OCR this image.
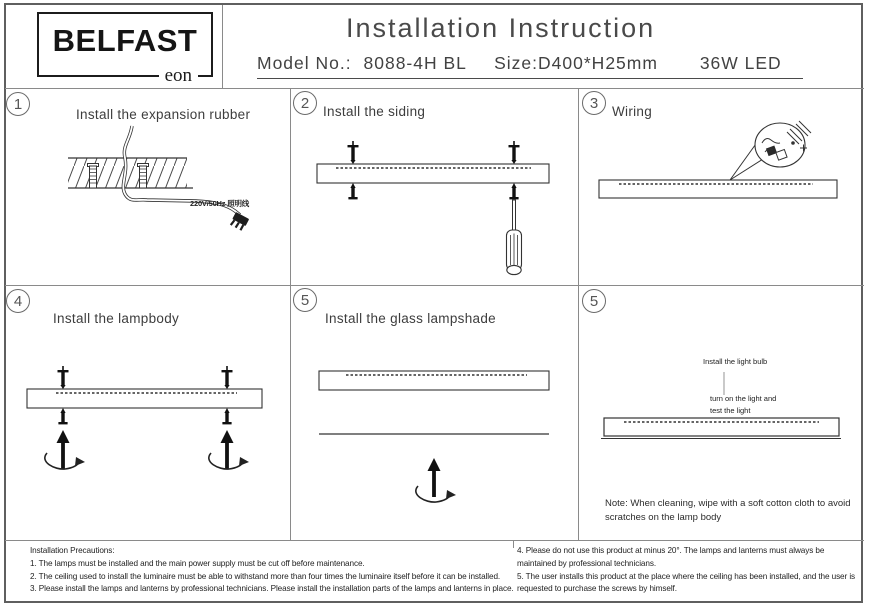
BELFAST
eon
Installation Instruction
Model No.: 8088-4H BL Size:D400*H25mm 36W LED
1
Install the expansion rubber
220V/50Hz 照明线
2	Install the siding	3	Wiring
4
Install the lampbody
5
Install the glass lampshade
5
Install the light bulb
turn on the light and
test the light
Note: When cleaning, wipe with a soft cotton cloth to avoid
scratches on the lamp body
Installation Precautions:
1. The lamps must be installed and the main power supply must be cut off before maintenance.
2. The ceiling used to install the luminaire must be able to withstand more than four times the luminaire itself before it can be installed.
3. Please install the lamps and lanterns by professional technicians. Please install the installation parts of the lamps and lanterns in place.
4. Please do not use this product at minus 20°. The lamps and lanterns must always be maintained by professional technicians.
5. The user installs this product at the place where the ceiling has been installed, and the user is requested to purchase the screws by himself.
